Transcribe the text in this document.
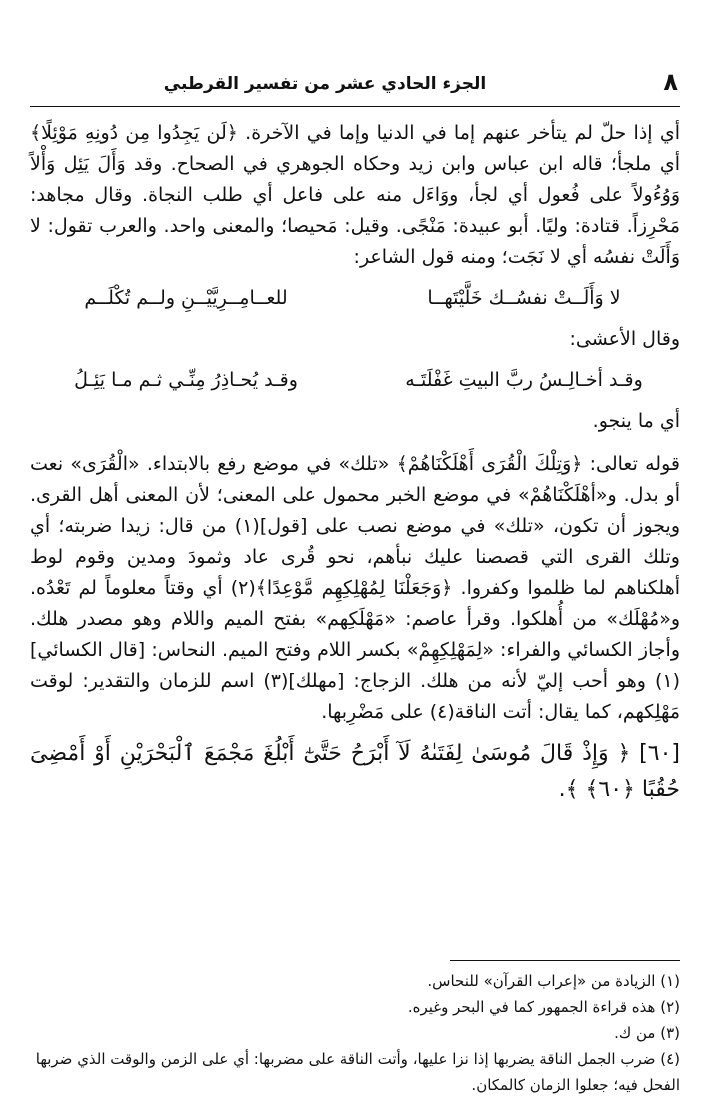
٨
الجزء الحادي عشر من تفسير القرطبي

أي إذا حلّ لم يتأخر عنهم إما في الدنيا وإما في الآخرة. ﴿لَن يَجِدُوا مِن دُونِهِ مَوْئِلًا﴾ أي ملجأ؛ قاله ابن عباس وابن زيد وحكاه الجوهري في الصحاح. وقد وَأَلَ يَئِل وَأْلاً وَوُءُولاً على فُعول أي لجأ، ووَاءَل منه على فاعل أي طلب النجاة. وقال مجاهد: مَحْرِزاً. قتادة: وليًا. أبو عبيدة: مَنْجًى. وقيل: مَحيصا؛ والمعنى واحد. والعرب تقول: لا وَأَلَتْ نفسُه أي لا نَجَت؛ ومنه قول الشاعر:

لا وَأَلَــتْ نفسُــك خَلَّيْتَهــا
للعــامِــرِيَّيْــنِ ولــم تُكْلَــم

وقال الأعشى:

وقـد أخـالِـسُ ربَّ البيتِ غَفْلَتَـه
وقـد يُحـاذِرُ مِنِّـي ثـم مـا يَئِـلُ

أي ما ينجو.

قوله تعالى: ﴿وَتِلْكَ الْقُرَى أَهْلَكْنَاهُمْ﴾ «تلك» في موضع رفع بالابتداء. «الْقُرَى» نعت أو بدل. و«أهْلَكْنَاهُمْ» في موضع الخبر محمول على المعنى؛ لأن المعنى أهل القرى. ويجوز أن تكون، «تلك» في موضع نصب على [قول](١) من قال: زيدا ضربته؛ أي وتلك القرى التي قصصنا عليك نبأهم، نحو قُرى عاد وثمودَ ومدين وقوم لوط أهلكناهم لما ظلموا وكفروا. ﴿وَجَعَلْنَا لِمُهْلِكِهِم مَّوْعِدًا﴾(٢) أي وقتاً معلوماً لم تَعْدُه. و«مُهْلَك» من أُهلكوا. وقرأ عاصم: «مَهْلَكِهم» بفتح الميم واللام وهو مصدر هلك. وأجاز الكسائي والفراء: «لِمَهْلِكِهِمْ» بكسر اللام وفتح الميم. النحاس: [قال الكسائي](١) وهو أحب إليّ لأنه من هلك. الزجاج: [مهلك](٣) اسم للزمان والتقدير: لوقت مَهْلِكهم، كما يقال: أتت الناقة(٤) على مَضْرِبها.

[٦٠] ﴿ وَإِذْ قَالَ مُوسَىٰ لِفَتَىٰهُ لَآ أَبْرَحُ حَتَّىٰٓ أَبْلُغَ مَجْمَعَ ٱلْبَحْرَيْنِ أَوْ أَمْضِىَ حُقُبًا ﴿٦٠﴾ ﴾.

(١) الزيادة من «إعراب القرآن» للنحاس.

(٢) هذه قراءة الجمهور كما في البحر وغيره.

(٣) من ك.

(٤) ضرب الجمل الناقة يضربها إذا نزا عليها، وأتت الناقة على مضربها: أي على الزمن والوقت الذي ضربها الفحل فيه؛ جعلوا الزمان كالمكان.
